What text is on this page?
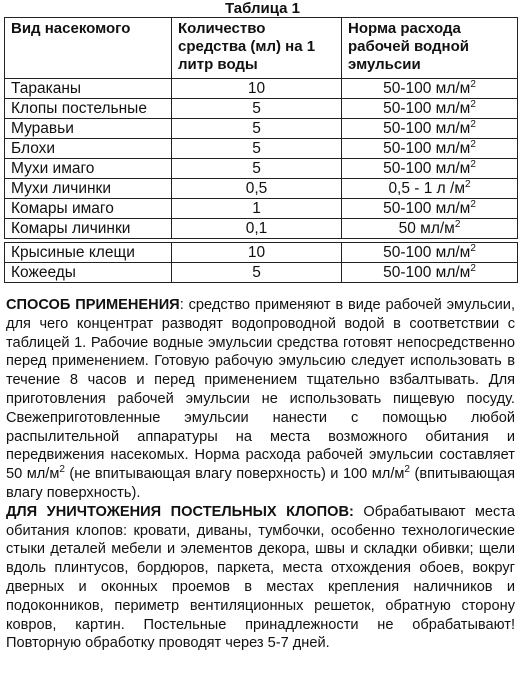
Таблица 1
Вид насекомого	Количество средства (мл) на 1 литр воды	Норма расхода рабочей водной эмульсии
Тараканы	10	50-100 $мл/м^2$
Клопы постельные	5	50-100 $мл/м^2$
Муравьи	5	50-100 $мл/м^2$
Блохи	5	50-100 $мл/м^2$
Мухи имаго	5	50-100 $мл/м^2$
Мухи личинки	0,5	0,5 - 1 л $/м^2$
Комары имаго	1	50-100 $мл/м^2$
Комары личинки	0,1	50 $мл/м^2$

Крысиные клещи	10	50-100 $мл/м^2$
Кожееды	5	50-100 $мл/м^2$

СПОСОБ ПРИМЕНЕНИЯ: средство применяют в виде рабочей эмульсии, для чего концентрат разводят водопроводной водой в соответствии с таблицей 1. Рабочие водные эмульсии средства готовят непосредственно перед применением. Готовую рабочую эмульсию следует использовать в течение 8 часов и перед применением тщательно взбалтывать. Для приготовления рабочей эмульсии не использовать пищевую посуду. Свежеприготовленные эмульсии нанести с помощью любой распылительной аппаратуры на места возможного обитания и передвижения насекомых. Норма расхода рабочей эмульсии составляет 50 $мл/м^2$ (не впитывающая влагу поверхность) и 100 $мл/м^2$ (впитывающая влагу поверхность).

ДЛЯ УНИЧТОЖЕНИЯ ПОСТЕЛЬНЫХ КЛОПОВ: Обрабатывают места обитания клопов: кровати, диваны, тумбочки, особенно технологические стыки деталей мебели и элементов декора, швы и складки обивки; щели вдоль плинтусов, бордюров, паркета, места отхождения обоев, вокруг дверных и оконных проемов в местах крепления наличников и подоконников, периметр вентиляционных решеток, обратную сторону ковров, картин. Постельные принадлежности не обрабатывают! Повторную обработку проводят через 5-7 дней.
